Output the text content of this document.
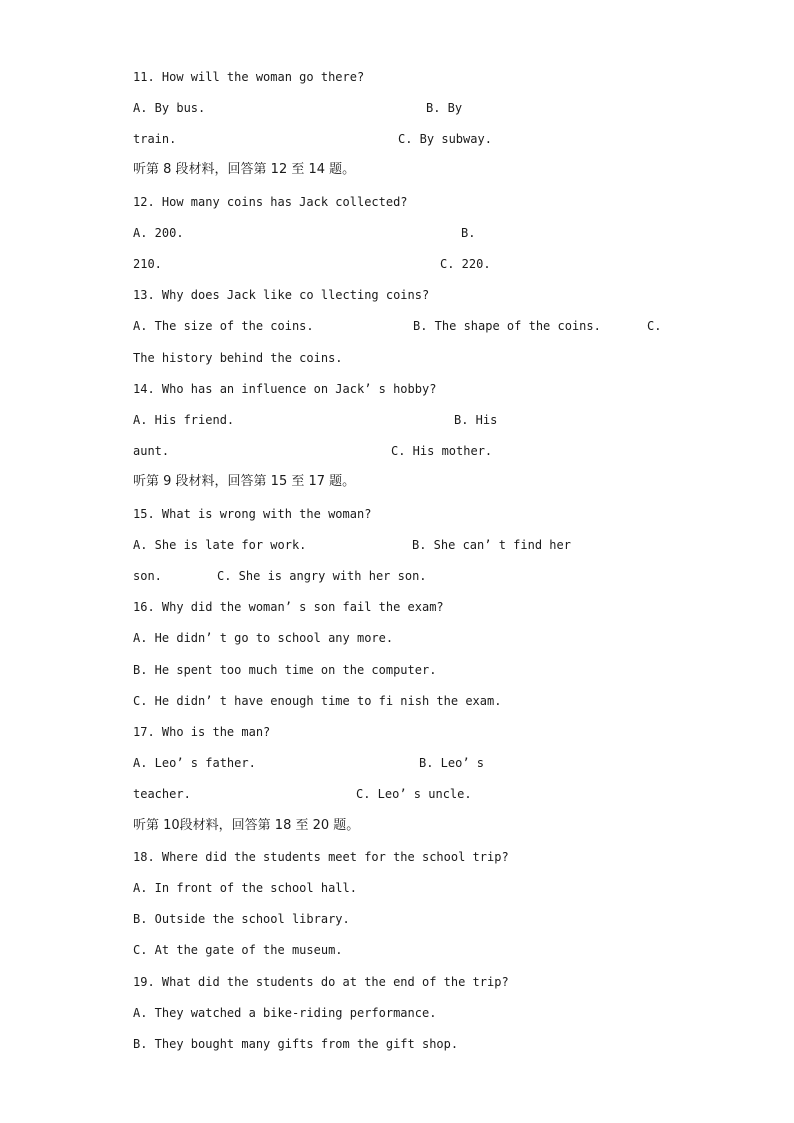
11. How will the woman go there?

A. By bus.

	B. By

train.

	C. By subway.

听第 8 段材料，回答第 12 至 14 题。
12. How many coins has Jack collected?

A. 200.

	B.

210.

	C. 220.

13. Why does Jack like co llecting coins?

A. The size of the coins.

	B. The shape of the coins.

	C.

The history behind the coins.
14. Who has an influence on Jack’ s hobby?

A. His friend.

	B. His

aunt.

	C. His mother.

听第 9 段材料，回答第 15 至 17 题。
15. What is wrong with the woman?

A. She is late for work.

	B. She can’ t find her

son.

	C. She is angry with her son.

16. Why did the woman’ s son fail the exam?
A. He didn’ t go to school any more.
B. He spent too much time on the computer.
C. He didn’ t have enough time to fi nish the exam.
17. Who is the man?

A. Leo’ s father.

	B. Leo’ s

teacher.

	C. Leo’ s uncle.

听第 10段材料，回答第 18 至 20 题。
18. Where did the students meet for the school trip?
A. In front of the school hall.
B. Outside the school library.
C. At the gate of the museum.
19. What did the students do at the end of the trip?
A. They watched a bike-riding performance.
B. They bought many gifts from the gift shop.
